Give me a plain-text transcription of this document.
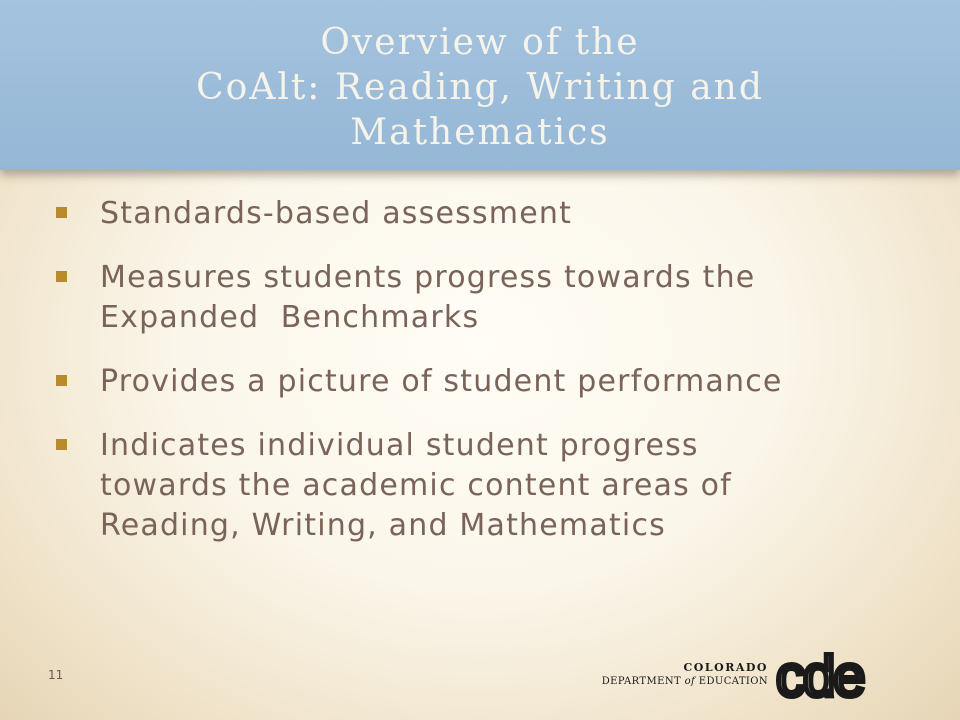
Overview of the
CoAlt: Reading, Writing and
Mathematics
Standards-based assessment
Measures students progress towards the
Expanded  Benchmarks
Provides a picture of student performance
Indicates individual student progress
towards the academic content areas of
Reading, Writing, and Mathematics
11
COLORADO
DEPARTMENT of EDUCATION cde
